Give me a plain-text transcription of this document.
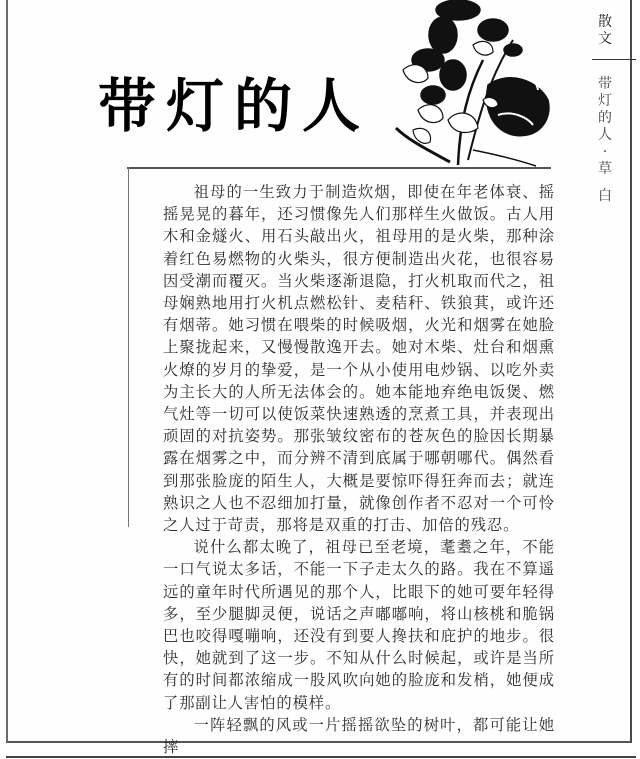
带灯的人
散文
带
灯
的
人
·
草
白

祖母的一生致力于制造炊烟，即使在年老体衰、摇摇晃晃的暮年，还习惯像先人们那样生火做饭。古人用木和金燧火、用石头敲出火，祖母用的是火柴，那种涂着红色易燃物的火柴头，很方便制造出火花，也很容易因受潮而覆灭。当火柴逐渐退隐，打火机取而代之，祖母娴熟地用打火机点燃松针、麦秸秆、铁狼萁，或许还有烟蒂。她习惯在喂柴的时候吸烟，火光和烟雾在她脸上聚拢起来，又慢慢散逸开去。她对木柴、灶台和烟熏火燎的岁月的挚爱，是一个从小使用电炒锅、以吃外卖为主长大的人所无法体会的。她本能地弃绝电饭煲、燃气灶等一切可以使饭菜快速熟透的烹煮工具，并表现出顽固的对抗姿势。那张皱纹密布的苍灰色的脸因长期暴露在烟雾之中，而分辨不清到底属于哪朝哪代。偶然看到那张脸庞的陌生人，大概是要惊吓得狂奔而去；就连熟识之人也不忍细加打量，就像创作者不忍对一个可怜之人过于苛责，那将是双重的打击、加倍的残忍。

说什么都太晚了，祖母已至老境，耄耋之年，不能一口气说太多话，不能一下子走太久的路。我在不算遥远的童年时代所遇见的那个人，比眼下的她可要年轻得多，至少腿脚灵便，说话之声嘟嘟响，将山核桃和脆锅巴也咬得嘎嘣响，还没有到要人搀扶和庇护的地步。很快，她就到了这一步。不知从什么时候起，或许是当所有的时间都浓缩成一股风吹向她的脸庞和发梢，她便成了那副让人害怕的模样。

一阵轻飘的风或一片摇摇欲坠的树叶，都可能让她摔
